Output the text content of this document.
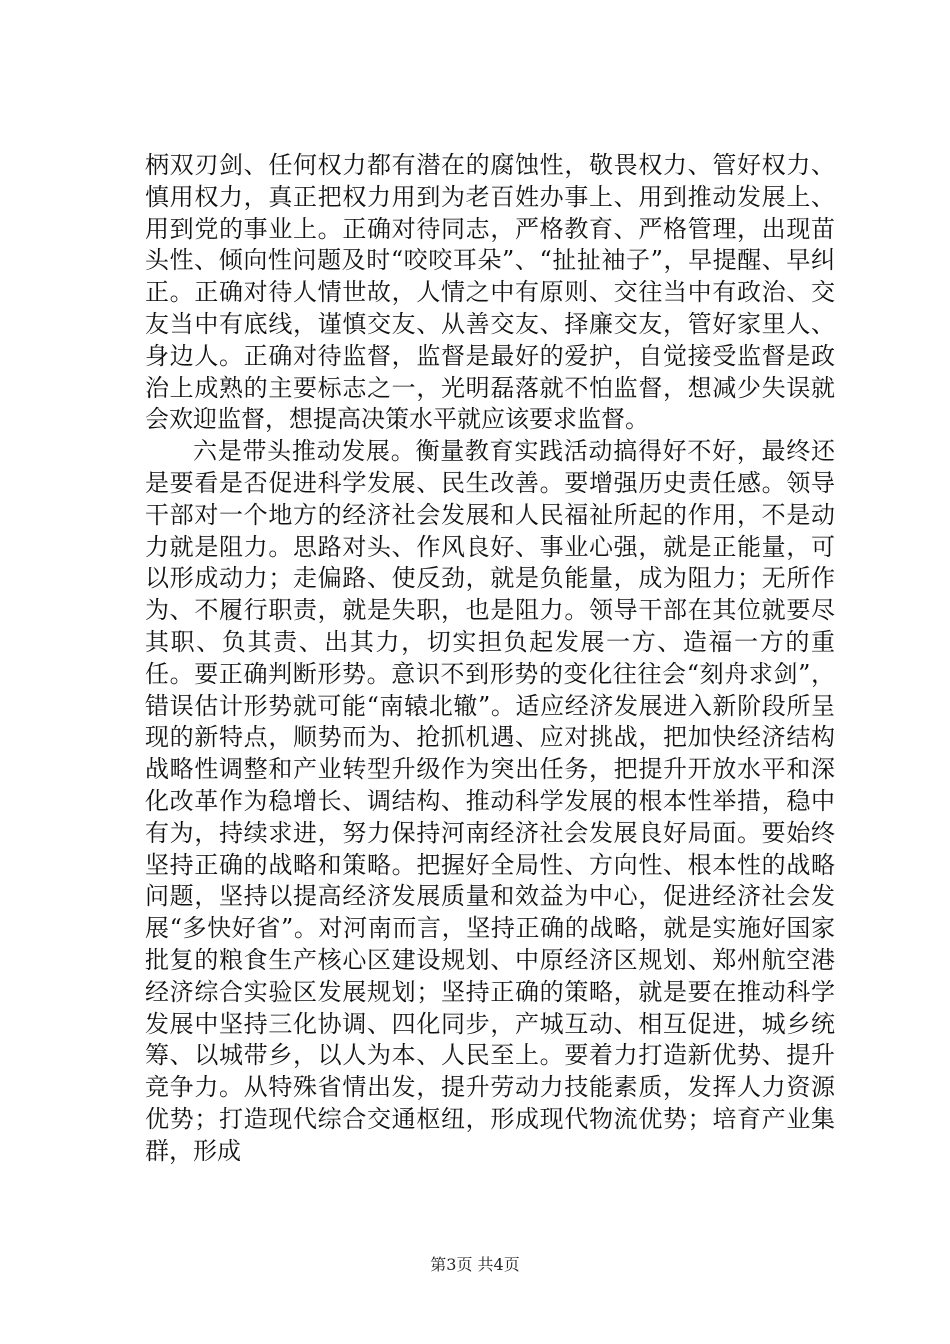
柄双刃剑、任何权力都有潜在的腐蚀性，敬畏权力、管好权力、慎用权力，真正把权力用到为老百姓办事上、用到推动发展上、用到党的事业上。正确对待同志，严格教育、严格管理，出现苗头性、倾向性问题及时“咬咬耳朵”、“扯扯袖子”，早提醒、早纠正。正确对待人情世故，人情之中有原则、交往当中有政治、交友当中有底线，谨慎交友、从善交友、择廉交友，管好家里人、身边人。正确对待监督，监督是最好的爱护，自觉接受监督是政治上成熟的主要标志之一，光明磊落就不怕监督，想减少失误就会欢迎监督，想提高决策水平就应该要求监督。

六是带头推动发展。衡量教育实践活动搞得好不好，最终还是要看是否促进科学发展、民生改善。要增强历史责任感。领导干部对一个地方的经济社会发展和人民福祉所起的作用，不是动力就是阻力。思路对头、作风良好、事业心强，就是正能量，可以形成动力；走偏路、使反劲，就是负能量，成为阻力；无所作为、不履行职责，就是失职，也是阻力。领导干部在其位就要尽其职、负其责、出其力，切实担负起发展一方、造福一方的重任。要正确判断形势。意识不到形势的变化往往会“刻舟求剑”，错误估计形势就可能“南辕北辙”。适应经济发展进入新阶段所呈现的新特点，顺势而为、抢抓机遇、应对挑战，把加快经济结构战略性调整和产业转型升级作为突出任务，把提升开放水平和深化改革作为稳增长、调结构、推动科学发展的根本性举措，稳中有为，持续求进，努力保持河南经济社会发展良好局面。要始终坚持正确的战略和策略。把握好全局性、方向性、根本性的战略问题，坚持以提高经济发展质量和效益为中心，促进经济社会发展“多快好省”。对河南而言，坚持正确的战略，就是实施好国家批复的粮食生产核心区建设规划、中原经济区规划、郑州航空港经济综合实验区发展规划；坚持正确的策略，就是要在推动科学发展中坚持三化协调、四化同步，产城互动、相互促进，城乡统筹、以城带乡，以人为本、人民至上。要着力打造新优势、提升竞争力。从特殊省情出发，提升劳动力技能素质，发挥人力资源优势；打造现代综合交通枢纽，形成现代物流优势；培育产业集群，形成

第3页 共4页
